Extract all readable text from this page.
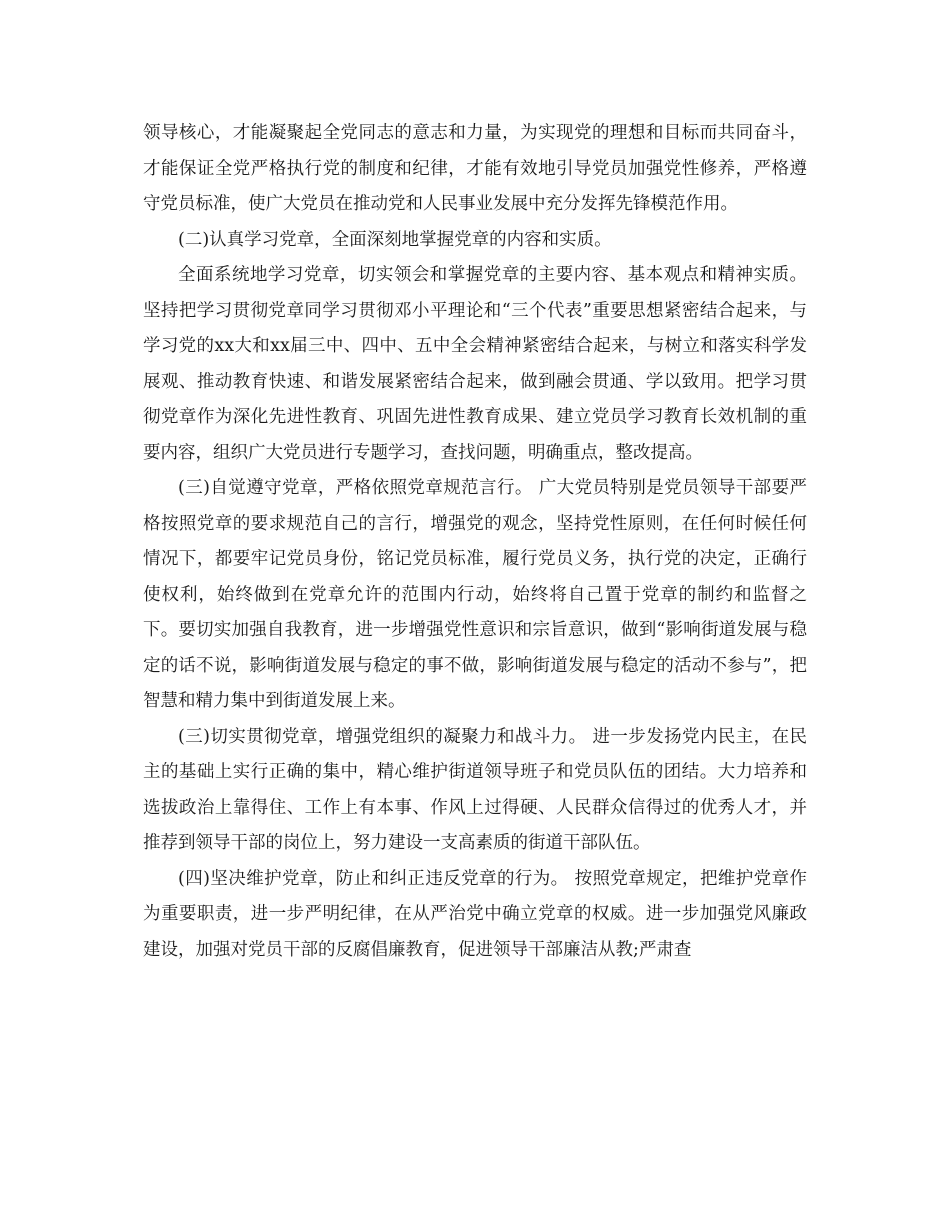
领导核心，才能凝聚起全党同志的意志和力量，为实现党的理想和目标而共同奋斗，才能保证全党严格执行党的制度和纪律，才能有效地引导党员加强党性修养，严格遵守党员标准，使广大党员在推动党和人民事业发展中充分发挥先锋模范作用。

(二)认真学习党章，全面深刻地掌握党章的内容和实质。

全面系统地学习党章，切实领会和掌握党章的主要内容、基本观点和精神实质。坚持把学习贯彻党章同学习贯彻邓小平理论和“三个代表”重要思想紧密结合起来，与学习党的xx大和xx届三中、四中、五中全会精神紧密结合起来，与树立和落实科学发展观、推动教育快速、和谐发展紧密结合起来，做到融会贯通、学以致用。把学习贯彻党章作为深化先进性教育、巩固先进性教育成果、建立党员学习教育长效机制的重要内容，组织广大党员进行专题学习，查找问题，明确重点，整改提高。

(三)自觉遵守党章，严格依照党章规范言行。 广大党员特别是党员领导干部要严格按照党章的要求规范自己的言行，增强党的观念，坚持党性原则，在任何时候任何情况下，都要牢记党员身份，铭记党员标准，履行党员义务，执行党的决定，正确行使权利，始终做到在党章允许的范围内行动，始终将自己置于党章的制约和监督之下。要切实加强自我教育，进一步增强党性意识和宗旨意识，做到“影响街道发展与稳定的话不说，影响街道发展与稳定的事不做，影响街道发展与稳定的活动不参与”，把智慧和精力集中到街道发展上来。

(三)切实贯彻党章，增强党组织的凝聚力和战斗力。 进一步发扬党内民主，在民主的基础上实行正确的集中，精心维护街道领导班子和党员队伍的团结。大力培养和选拔政治上靠得住、工作上有本事、作风上过得硬、人民群众信得过的优秀人才，并推荐到领导干部的岗位上，努力建设一支高素质的街道干部队伍。

(四)坚决维护党章，防止和纠正违反党章的行为。 按照党章规定，把维护党章作为重要职责，进一步严明纪律，在从严治党中确立党章的权威。进一步加强党风廉政建设，加强对党员干部的反腐倡廉教育，促进领导干部廉洁从教;严肃查
